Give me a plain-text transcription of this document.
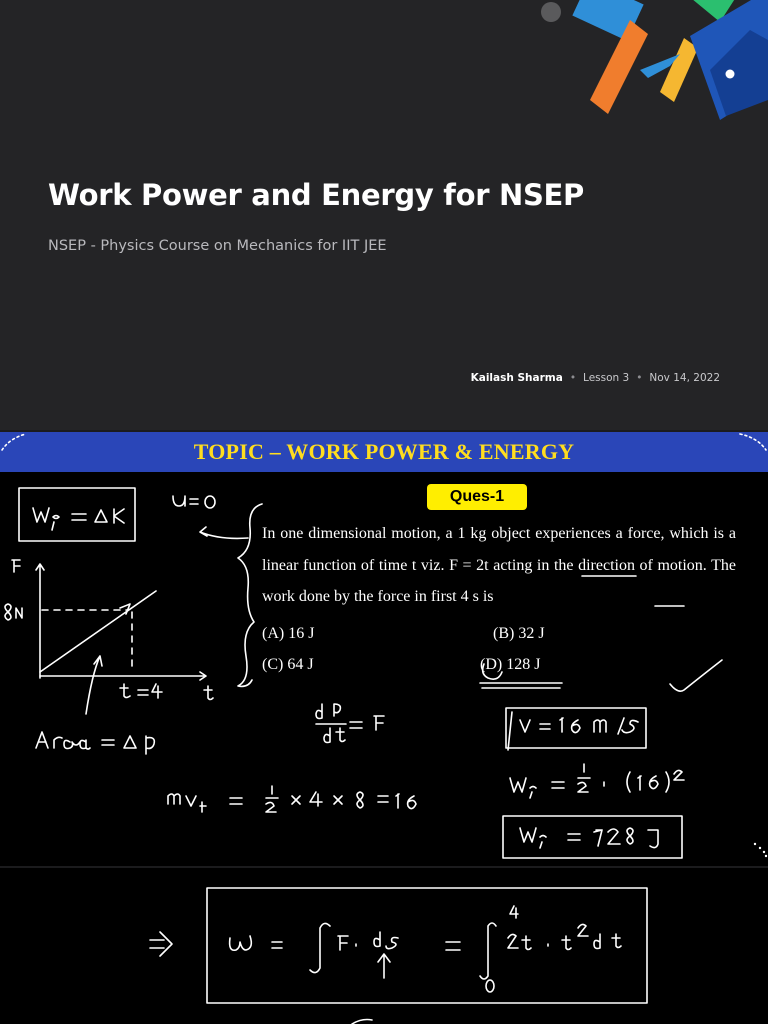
Work Power and Energy for NSEP
NSEP - Physics Course on Mechanics for IIT JEE
Kailash Sharma • Lesson 3 • Nov 14, 2022
TOPIC – WORK POWER & ENERGY
Ques-1
In one dimensional motion, a 1 kg object experiences a force, which is a linear function of time t viz. F = 2t acting in the direction of motion. The work done by the force in first 4 s is
(A) 16 J	(B) 32 J
(C) 64 J	(D) 128 J
